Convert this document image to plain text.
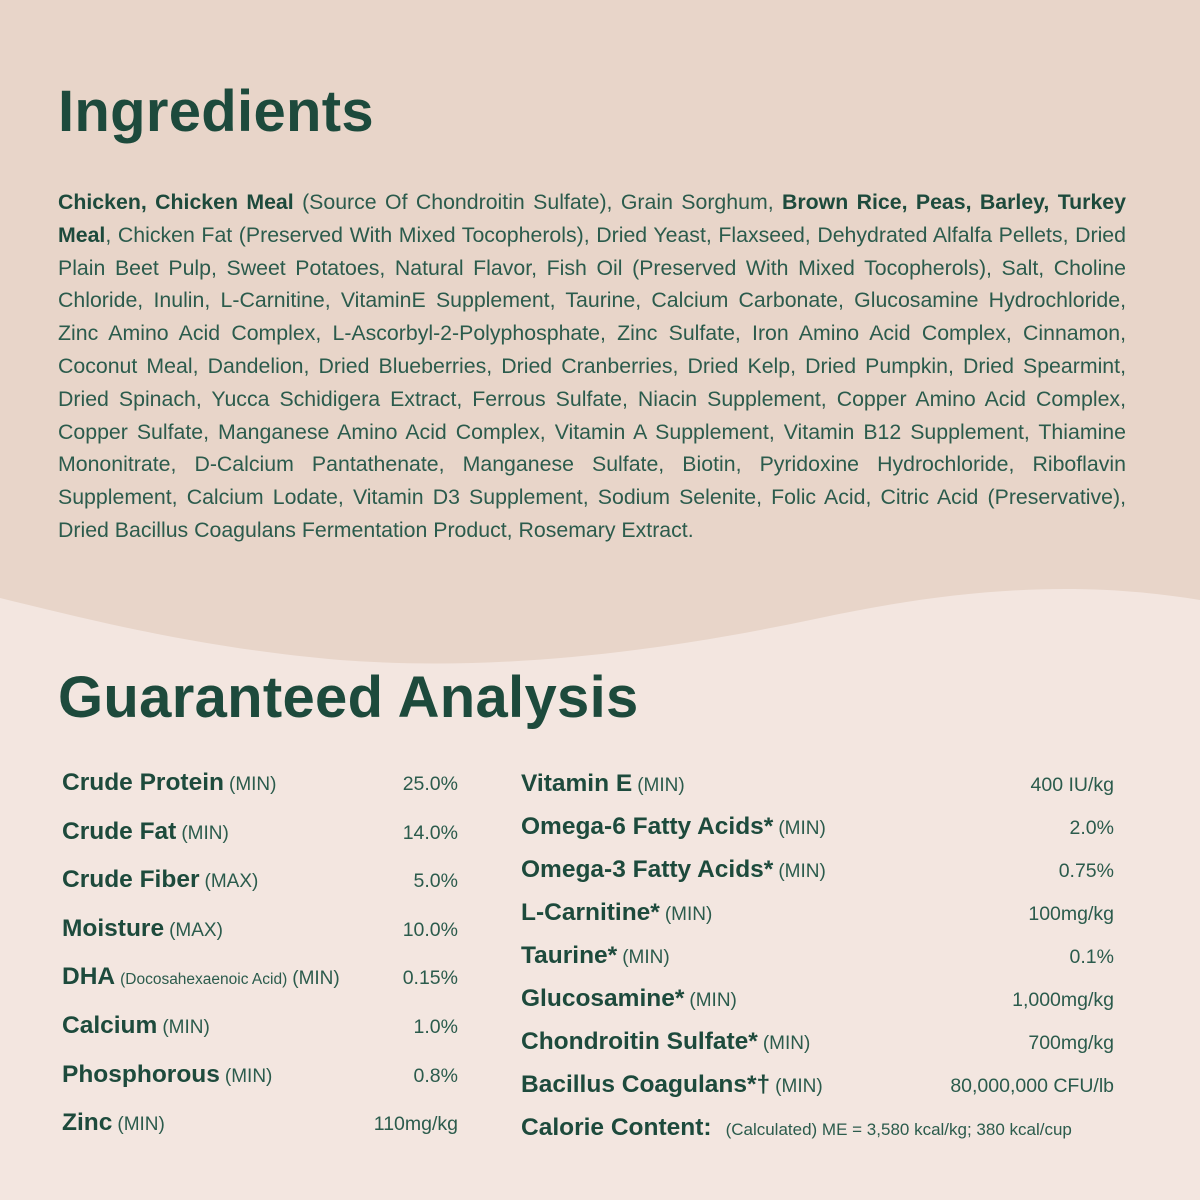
Ingredients
Chicken, Chicken Meal (Source Of Chondroitin Sulfate), Grain Sorghum, Brown Rice, Peas, Barley, Turkey Meal, Chicken Fat (Preserved With Mixed Tocopherols), Dried Yeast, Flaxseed, Dehydrated Alfalfa Pellets, Dried Plain Beet Pulp, Sweet Potatoes, Natural Flavor, Fish Oil (Preserved With Mixed Tocopherols), Salt, Choline Chloride, Inulin, L-Carnitine, VitaminE Supplement, Taurine, Calcium Carbonate, Glucosamine Hydrochloride, Zinc Amino Acid Complex, L-Ascorbyl-2-Polyphosphate, Zinc Sulfate, Iron Amino Acid Complex, Cinnamon, Coconut Meal, Dandelion, Dried Blueberries, Dried Cranberries, Dried Kelp, Dried Pumpkin, Dried Spearmint, Dried Spinach, Yucca Schidigera Extract, Ferrous Sulfate, Niacin Supplement, Copper Amino Acid Complex, Copper Sulfate, Manganese Amino Acid Complex, Vitamin A Supplement, Vitamin B12 Supplement, Thiamine Mononitrate, D-Calcium Pantathenate, Manganese Sulfate, Biotin, Pyridoxine Hydrochloride, Riboflavin Supplement, Calcium Lodate, Vitamin D3 Supplement, Sodium Selenite, Folic Acid, Citric Acid (Preservative), Dried Bacillus Coagulans Fermentation Product, Rosemary Extract.
Guaranteed Analysis
Crude Protein (MIN)	25.0%
Crude Fat (MIN)	14.0%
Crude Fiber (MAX)	5.0%
Moisture (MAX)	10.0%
DHA (Docosahexaenoic Acid) (MIN)	0.15%
Calcium (MIN)	1.0%
Phosphorous (MIN)	0.8%
Zinc (MIN)	110mg/kg
Vitamin E (MIN)	400 IU/kg
Omega-6 Fatty Acids* (MIN)	2.0%
Omega-3 Fatty Acids* (MIN)	0.75%
L-Carnitine* (MIN)	100mg/kg
Taurine* (MIN)	0.1%
Glucosamine* (MIN)	1,000mg/kg
Chondroitin Sulfate* (MIN)	700mg/kg
Bacillus Coagulans*† (MIN)	80,000,000 CFU/lb
Calorie Content: (Calculated) ME = 3,580 kcal/kg; 380 kcal/cup
